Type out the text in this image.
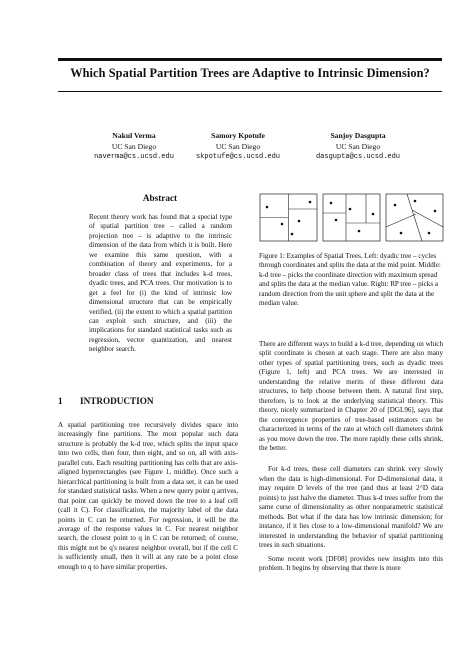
Which Spatial Partition Trees are Adaptive to Intrinsic Dimension?
Nakul Verma
UC San Diego
naverma@cs.ucsd.edu
Samory Kpotufe
UC San Diego
skpotufe@cs.ucsd.edu
Sanjoy Dasgupta
UC San Diego
dasgupta@cs.ucsd.edu
Abstract
Recent theory work has found that a special type of spatial partition tree – called a random projection tree – is adaptive to the intrinsic dimension of the data from which it is built. Here we examine this same question, with a combination of theory and experiments, for a broader class of trees that includes k-d trees, dyadic trees, and PCA trees. Our motivation is to get a feel for (i) the kind of intrinsic low dimensional structure that can be empirically verified, (ii) the extent to which a spatial partition can exploit such structure, and (iii) the implications for standard statistical tasks such as regression, vector quantization, and nearest neighbor search.
1 INTRODUCTION

A spatial partitioning tree recursively divides space into increasingly fine partitions. The most popular such data structure is probably the k-d tree, which splits the input space into two cells, then four, then eight, and so on, all with axis-parallel cuts. Each resulting partitioning has cells that are axis-aligned hyperrectangles (see Figure 1, middle). Once such a hierarchical partitioning is built from a data set, it can be used for standard statistical tasks. When a new query point q arrives, that point can quickly be moved down the tree to a leaf cell (call it C). For classification, the majority label of the data points in C can be returned. For regression, it will be the average of the response values in C. For nearest neighbor search, the closest point to q in C can be returned; of course, this might not be q's nearest neighbor overall, but if the cell C is sufficiently small, then it will at any rate be a point close enough to q to have similar properties.

Figure 1: Examples of Spatial Trees. Left: dyadic tree – cycles through coordinates and splits the data at the mid point. Middle: k-d tree – picks the coordinate direction with maximum spread and splits the data at the median value. Right: RP tree – picks a random direction from the unit sphere and split the data at the median value.

There are different ways to build a k-d tree, depending on which split coordinate is chosen at each stage. There are also many other types of spatial partitioning trees, such as dyadic trees (Figure 1, left) and PCA trees. We are interested in understanding the relative merits of these different data structures, to help choose between them. A natural first step, therefore, is to look at the underlying statistical theory. This theory, nicely summarized in Chapter 20 of [DGL96], says that the convergence properties of tree-based estimators can be characterized in terms of the rate at which cell diameters shrink as you move down the tree. The more rapidly these cells shrink, the better.

For k-d trees, these cell diameters can shrink very slowly when the data is high-dimensional. For D-dimensional data, it may require D levels of the tree (and thus at least 2^D data points) to just halve the diameter. Thus k-d trees suffer from the same curse of dimensionality as other nonparametric statistical methods. But what if the data has low intrinsic dimension; for instance, if it lies close to a low-dimensional manifold? We are interested in understanding the behavior of spatial partitioning trees in such situations.

Some recent work [DF08] provides new insights into this problem. It begins by observing that there is more
